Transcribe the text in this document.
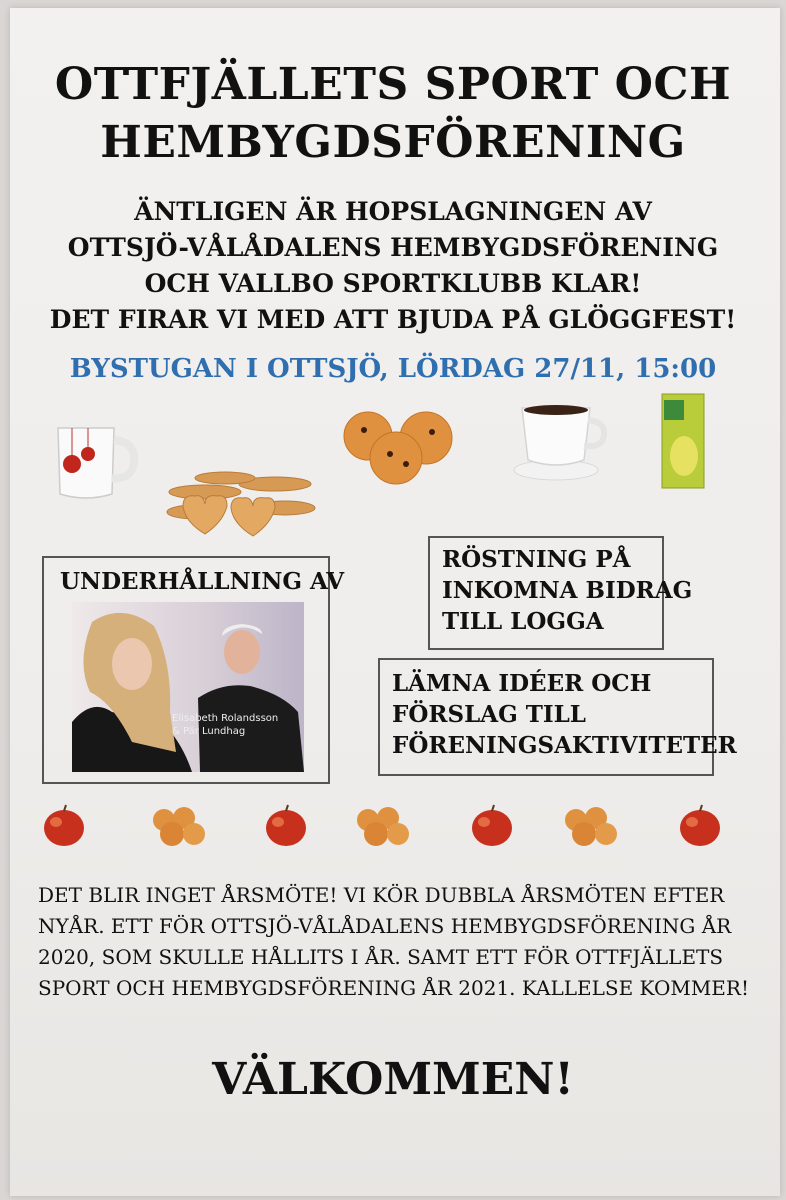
OTTFJÄLLETS SPORT OCH
HEMBYGDSFÖRENING
ÄNTLIGEN ÄR HOPSLAGNINGEN AV
OTTSJÖ-VÅLÅDALENS HEMBYGDSFÖRENING
OCH VALLBO SPORTKLUBB KLAR!
DET FIRAR VI MED ATT BJUDA PÅ GLÖGGFEST!
BYSTUGAN I OTTSJÖ, LÖRDAG 27/11, 15:00
UNDERHÅLLNING AV
Elisabeth Rolandsson
& Pär Lundhag
RÖSTNING PÅ
INKOMNA BIDRAG
TILL LOGGA
LÄMNA IDÉER OCH
FÖRSLAG TILL
FÖRENINGSAKTIVITETER
DET BLIR INGET ÅRSMÖTE! VI KÖR DUBBLA ÅRSMÖTEN EFTER
NYÅR. ETT FÖR OTTSJÖ-VÅLÅDALENS HEMBYGDSFÖRENING ÅR
2020, SOM SKULLE HÅLLITS I ÅR. SAMT ETT FÖR OTTFJÄLLETS
SPORT OCH HEMBYGDSFÖRENING ÅR 2021. KALLELSE KOMMER!
VÄLKOMMEN!
